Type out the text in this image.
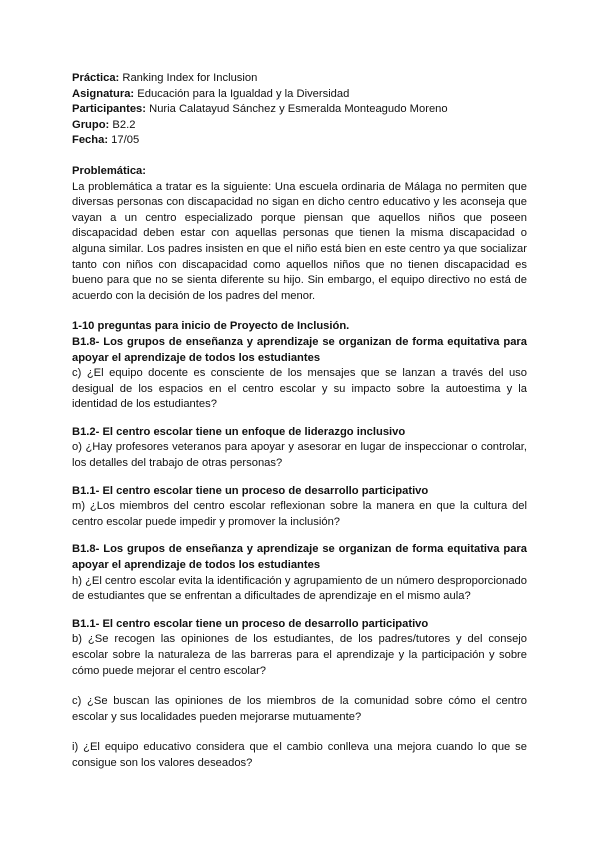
Práctica: Ranking Index for Inclusion
Asignatura: Educación para la Igualdad y la Diversidad
Participantes: Nuria Calatayud Sánchez y Esmeralda Monteagudo Moreno
Grupo: B2.2
Fecha: 17/05
Problemática:
La problemática a tratar es la siguiente: Una escuela ordinaria de Málaga no permiten que diversas personas con discapacidad no sigan en dicho centro educativo y les aconseja que vayan a un centro especializado porque piensan que aquellos niños que poseen discapacidad deben estar con aquellas personas que tienen la misma discapacidad o alguna similar. Los padres insisten en que el niño está bien en este centro ya que socializar tanto con niños con discapacidad como aquellos niños que no tienen discapacidad es bueno para que no se sienta diferente su hijo. Sin embargo, el equipo directivo no está de acuerdo con la decisión de los padres del menor.
1-10 preguntas para inicio de Proyecto de Inclusión.
B1.8- Los grupos de enseñanza y aprendizaje se organizan de forma equitativa para apoyar el aprendizaje de todos los estudiantes
c) ¿El equipo docente es consciente de los mensajes que se lanzan a través del uso desigual de los espacios en el centro escolar y su impacto sobre la autoestima y la identidad de los estudiantes?
B1.2- El centro escolar tiene un enfoque de liderazgo inclusivo
o) ¿Hay profesores veteranos para apoyar y asesorar en lugar de inspeccionar o controlar, los detalles del trabajo de otras personas?
B1.1- El centro escolar tiene un proceso de desarrollo participativo
m) ¿Los miembros del centro escolar reflexionan sobre la manera en que la cultura del centro escolar puede impedir y promover la inclusión?
B1.8- Los grupos de enseñanza y aprendizaje se organizan de forma equitativa para apoyar el aprendizaje de todos los estudiantes
h) ¿El centro escolar evita la identificación y agrupamiento de un número desproporcionado de estudiantes que se enfrentan a dificultades de aprendizaje en el mismo aula?
B1.1- El centro escolar tiene un proceso de desarrollo participativo
b) ¿Se recogen las opiniones de los estudiantes, de los padres/tutores y del consejo escolar sobre la naturaleza de las barreras para el aprendizaje y la participación y sobre cómo puede mejorar el centro escolar?
c) ¿Se buscan las opiniones de los miembros de la comunidad sobre cómo el centro escolar y sus localidades pueden mejorarse mutuamente?
i) ¿El equipo educativo considera que el cambio conlleva una mejora cuando lo que se consigue son los valores deseados?
